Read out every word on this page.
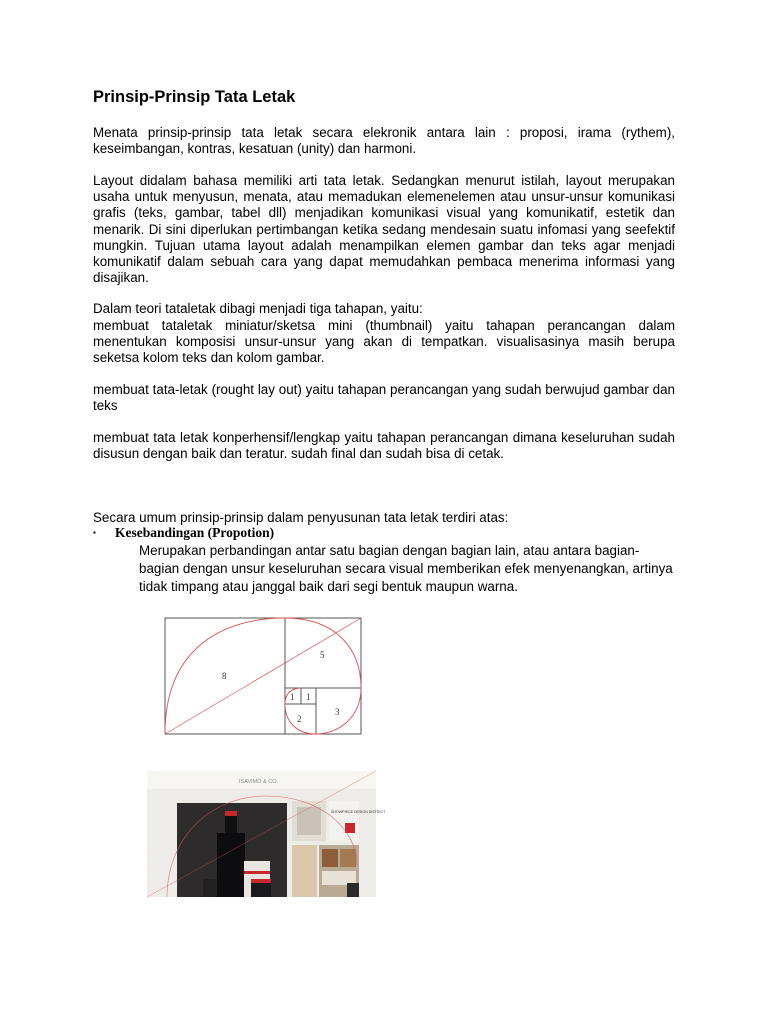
Prinsip-Prinsip Tata Letak

Menata prinsip-prinsip tata letak secara elekronik antara lain : proposi, irama (rythem), keseimbangan, kontras, kesatuan (unity) dan harmoni.

Layout didalam bahasa memiliki arti tata letak. Sedangkan menurut istilah, layout merupakan usaha untuk menyusun, menata, atau memadukan elemenelemen atau unsur-unsur komunikasi grafis (teks, gambar, tabel dll) menjadikan komunikasi visual yang komunikatif, estetik dan menarik. Di sini diperlukan pertimbangan ketika sedang mendesain suatu infomasi yang seefektif mungkin. Tujuan utama layout adalah menampilkan elemen gambar dan teks agar menjadi komunikatif dalam sebuah cara yang dapat memudahkan pembaca menerima informasi yang disajikan.

Dalam teori tataletak dibagi menjadi tiga tahapan, yaitu:

membuat tataletak miniatur/sketsa mini (thumbnail) yaitu tahapan perancangan dalam menentukan komposisi unsur-unsur yang akan di tempatkan. visualisasinya masih berupa seketsa kolom teks dan kolom gambar.

membuat tata-letak (rought lay out) yaitu tahapan perancangan yang sudah berwujud gambar dan teks

membuat tata letak konperhensif/lengkap yaitu tahapan perancangan dimana keseluruhan sudah disusun dengan baik dan teratur. sudah final dan sudah bisa di cetak.

Secara umum prinsip-prinsip dalam penyusunan tata letak terdiri atas:

▪ Kesebandingan (Propotion)

Merupakan perbandingan antar satu bagian dengan bagian lain, atau antara bagian-bagian dengan unsur keseluruhan secara visual memberikan efek menyenangkan, artinya tidak timpang atau janggal baik dari segi bentuk maupun warna.

8
5
1 1
2
3
ISAVIMO & CO.
SHOWPIECE DESIGN DISTRICT
